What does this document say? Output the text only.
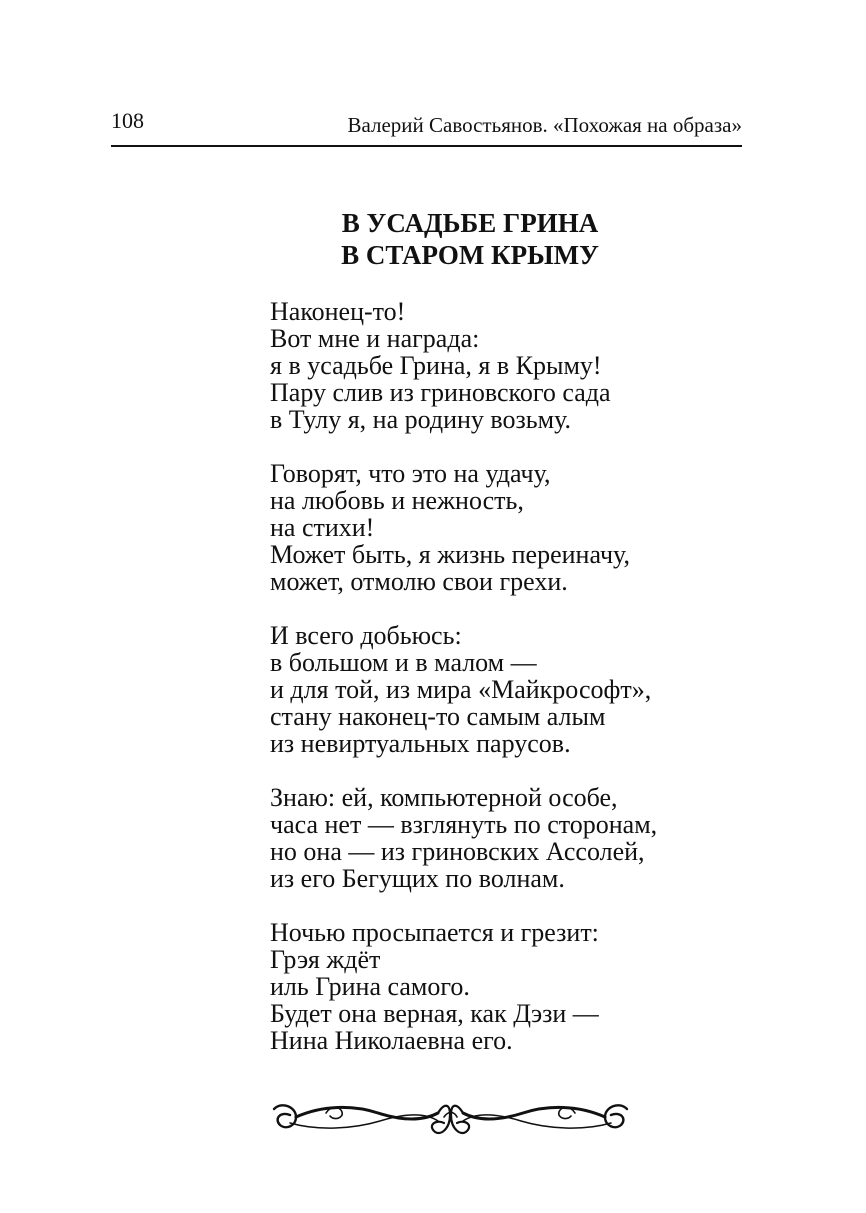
108	Валерий Савостьянов. «Похожая на образа»
В УСАДЬБЕ ГРИНА
В СТАРОМ КРЫМУ
Наконец-то!
Вот мне и награда:
я в усадьбе Грина, я в Крыму!
Пару слив из гриновского сада
в Тулу я, на родину возьму.
Говорят, что это на удачу,
на любовь и нежность,
на стихи!
Может быть, я жизнь переиначу,
может, отмолю свои грехи.
И всего добьюсь:
в большом и в малом —
и для той, из мира «Майкрософт»,
стану наконец-то самым алым
из невиртуальных парусов.
Знаю: ей, компьютерной особе,
часа нет — взглянуть по сторонам,
но она — из гриновских Ассолей,
из его Бегущих по волнам.
Ночью просыпается и грезит:
Грэя ждёт
иль Грина самого.
Будет она верная, как Дэзи —
Нина Николаевна его.
